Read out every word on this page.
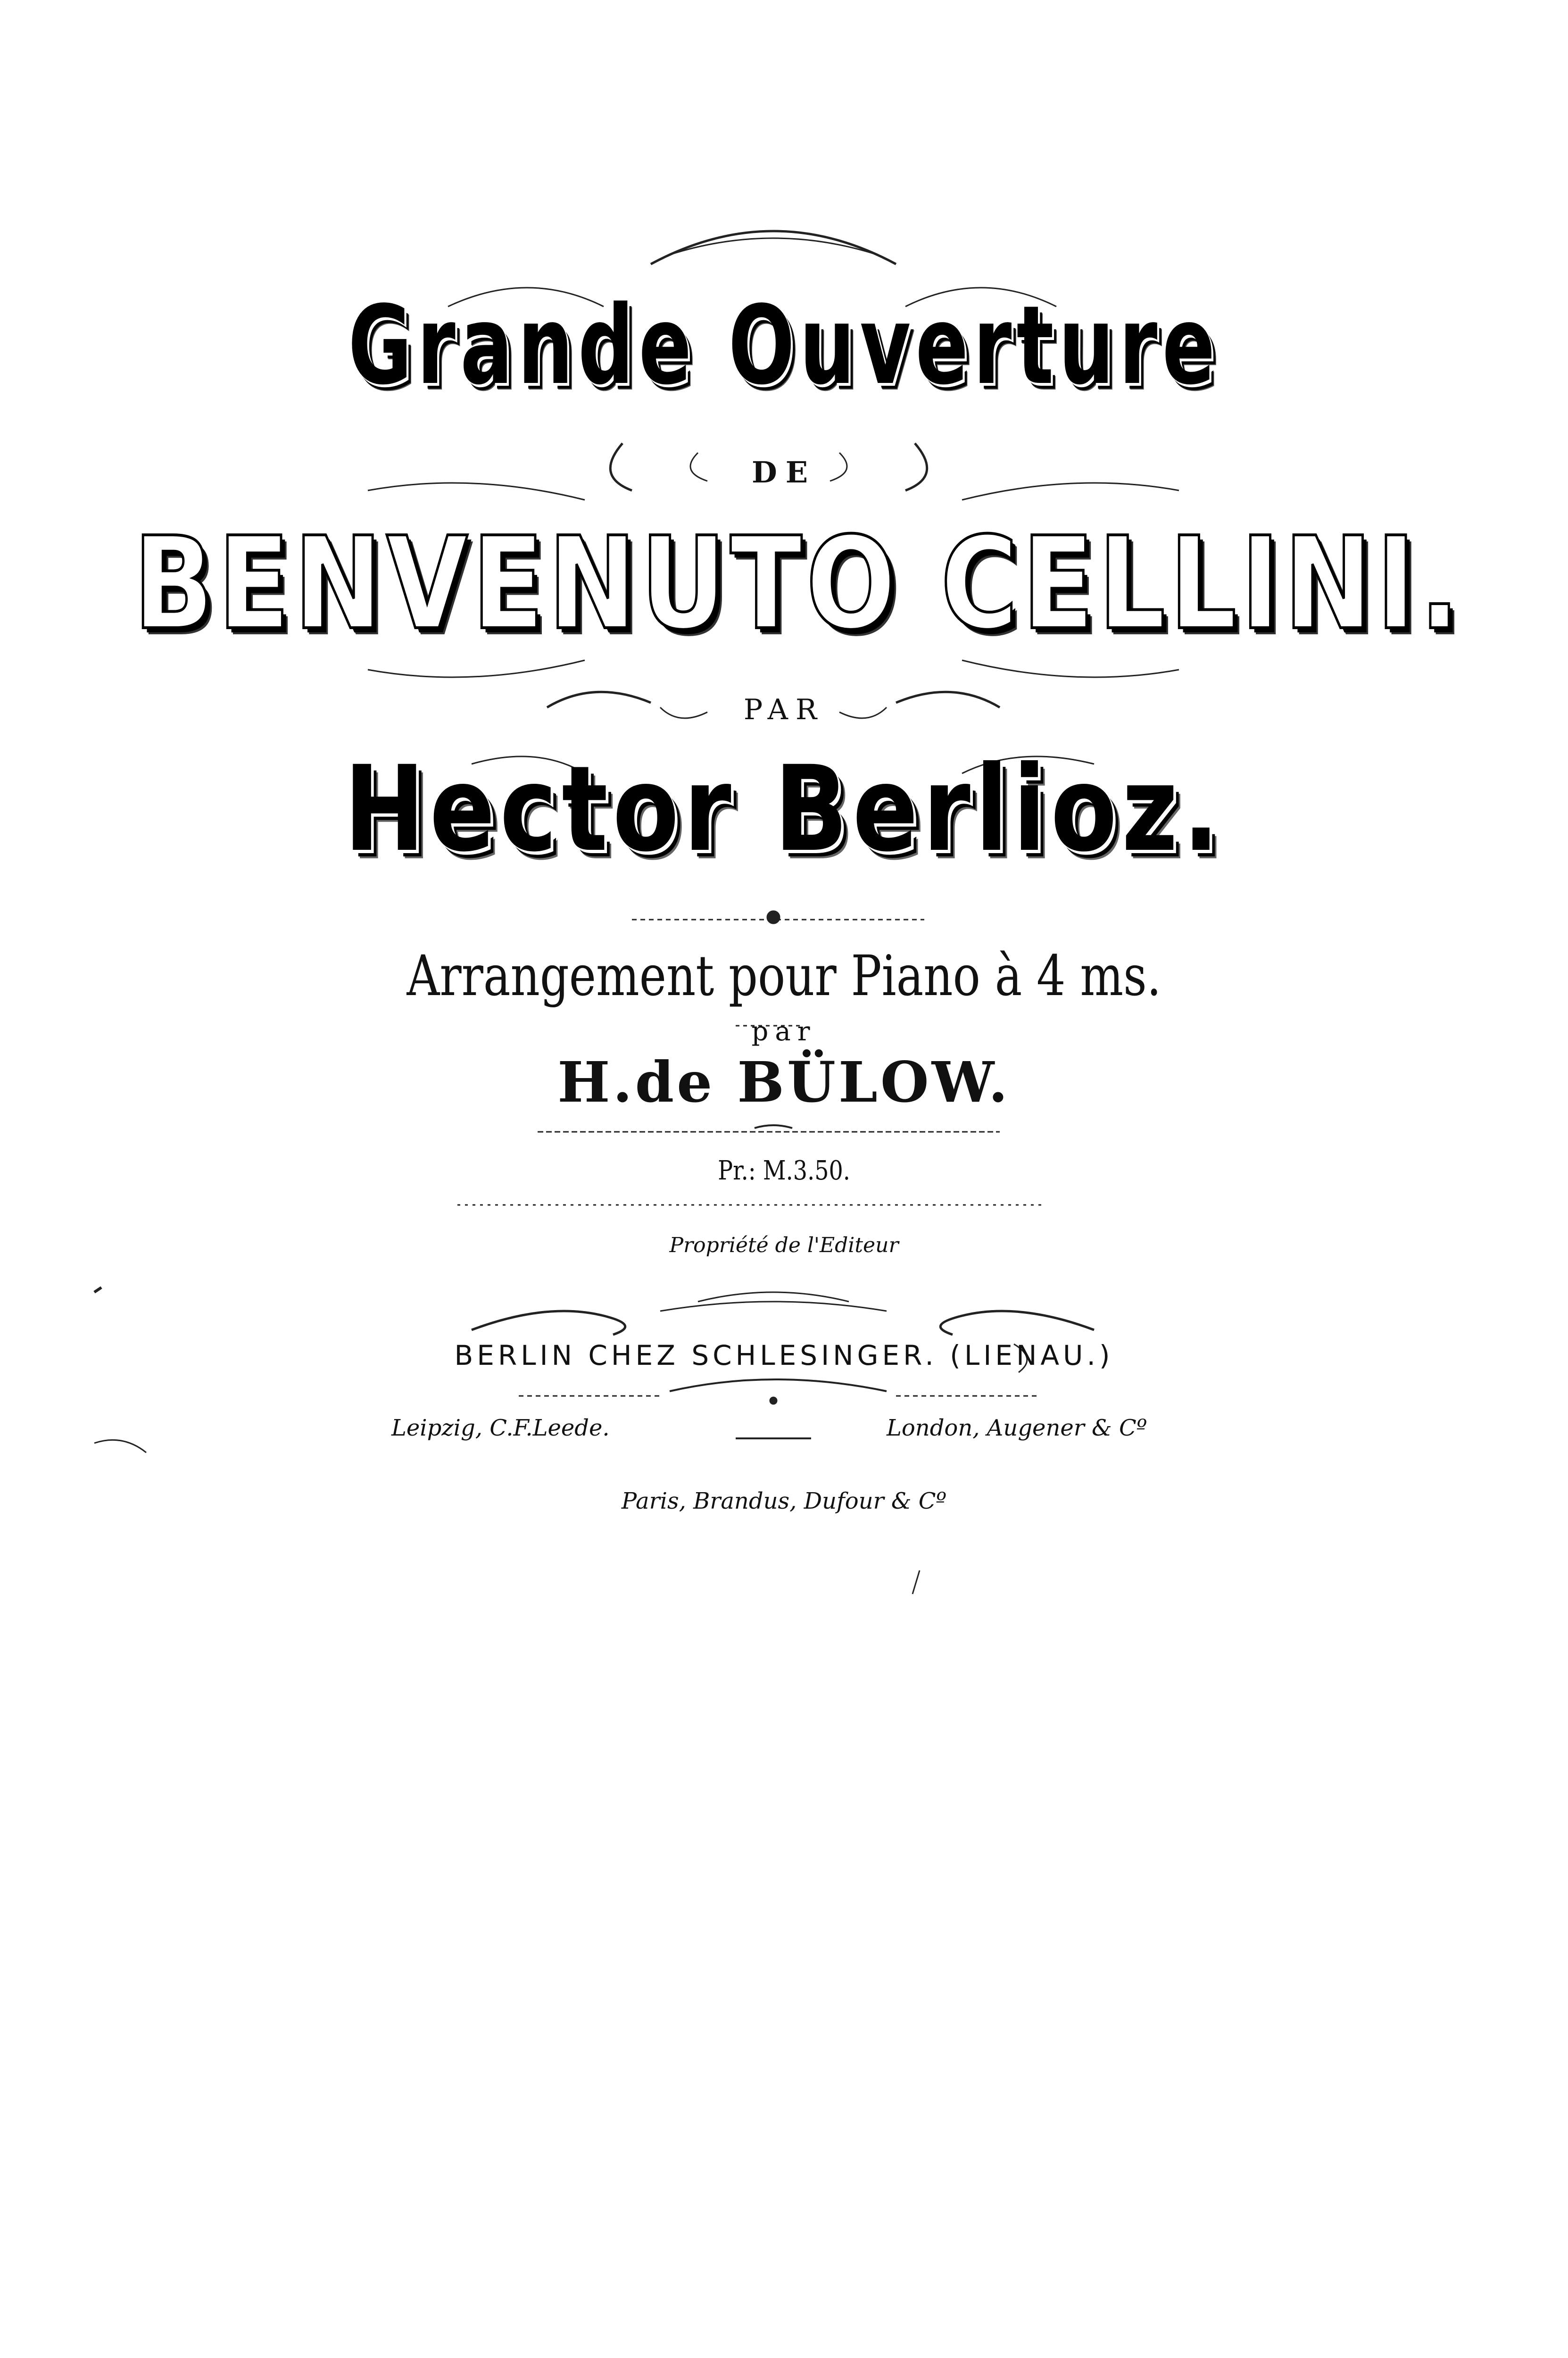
Grande Ouverture
DE
BENVENUTO CELLINI.
PAR
Hector Berlioz.
Arrangement pour Piano à 4 ms.
par
H.de BÜLOW.
Pr.: M.3.50.
Propriété de l'Editeur
BERLIN CHEZ SCHLESINGER. (LIENAU.)
Leipzig, C.F.Leede.	London, Augener & Cº
Paris, Brandus, Dufour & Cº
